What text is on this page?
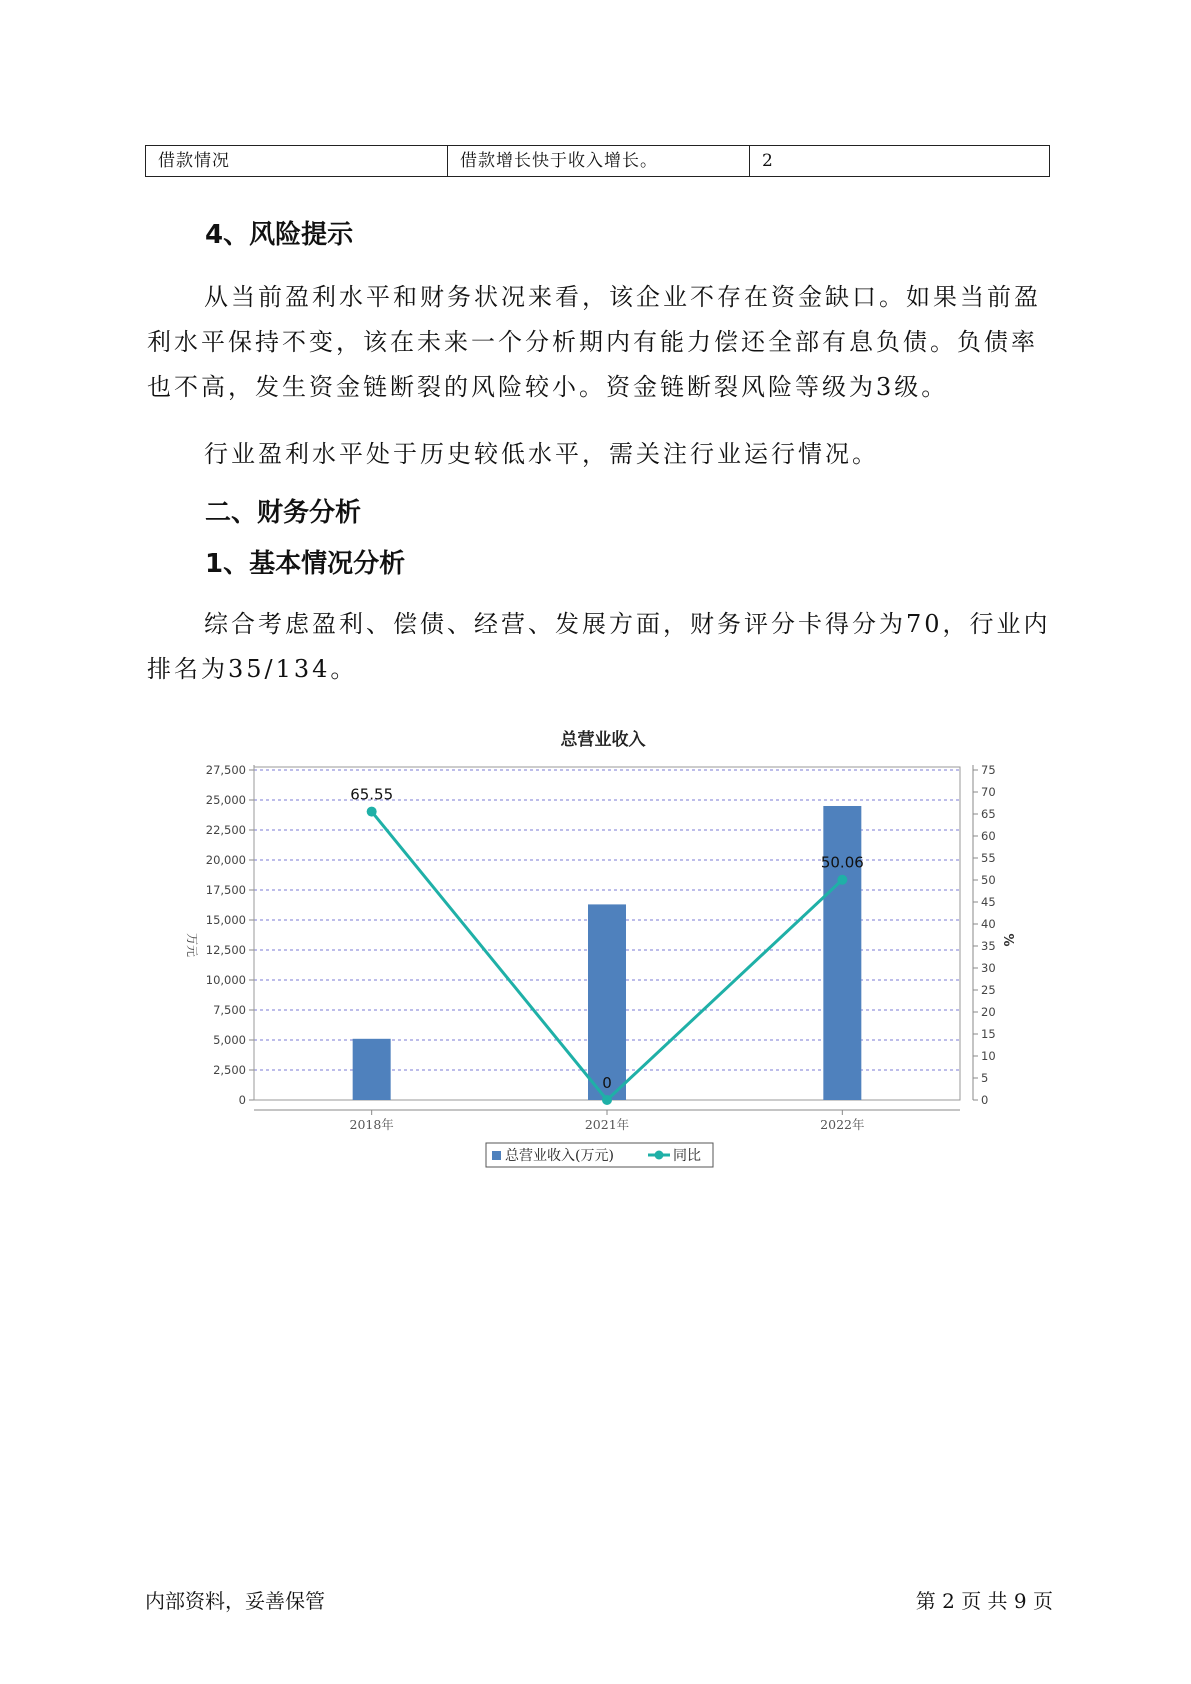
借款情况	借款增长快于收入增长。	2
4、风险提示

从当前盈利水平和财务状况来看，该企业不存在资金缺口。如果当前盈利水平保持不变，该在未来一个分析期内有能力偿还全部有息负债。负债率也不高，发生资金链断裂的风险较小。资金链断裂风险等级为3级。

行业盈利水平处于历史较低水平，需关注行业运行情况。

二、财务分析
1、基本情况分析

综合考虑盈利、偿债、经营、发展方面，财务评分卡得分为70，行业内排名为35/134。

总营业收入
0
2,500
5,000
7,500
10,000
12,500
15,000
17,500
20,000
22,500
25,000
27,500
0
5
10
15
20
25
30
35
40
45
50
55
60
65
70
75
万元	%
2018年	2021年	2022年
65.55
0
50.06
总营业收入(万元)	同比
内部资料，妥善保管	第 2 页 共 9 页
